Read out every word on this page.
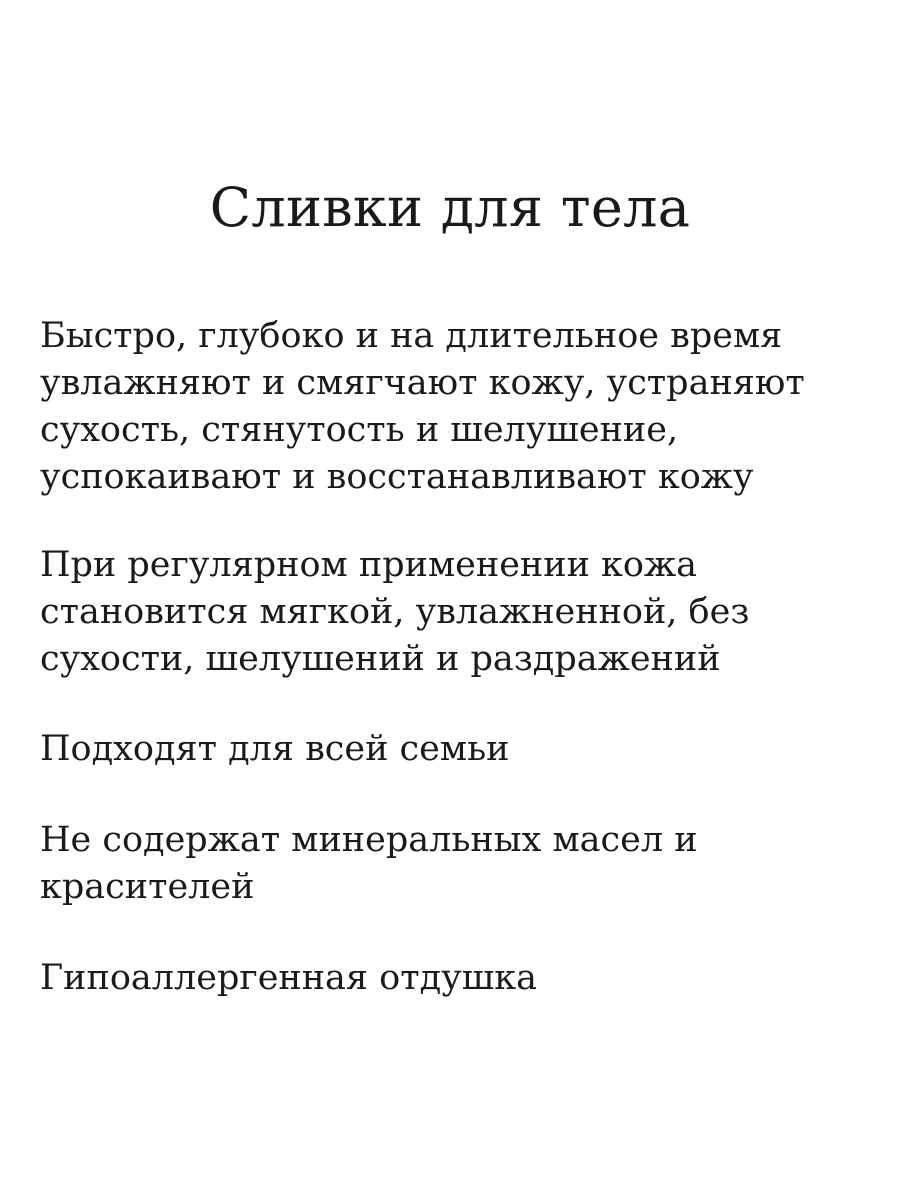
Сливки для тела

Быстро, глубоко и на длительное время
увлажняют и смягчают кожу, устраняют
сухость, стянутость и шелушение,
успокаивают и восстанавливают кожу

При регулярном применении кожа
становится мягкой, увлажненной, без
сухости, шелушений и раздражений

Подходят для всей семьи

Не содержат минеральных масел и
красителей

Гипоаллергенная отдушка
